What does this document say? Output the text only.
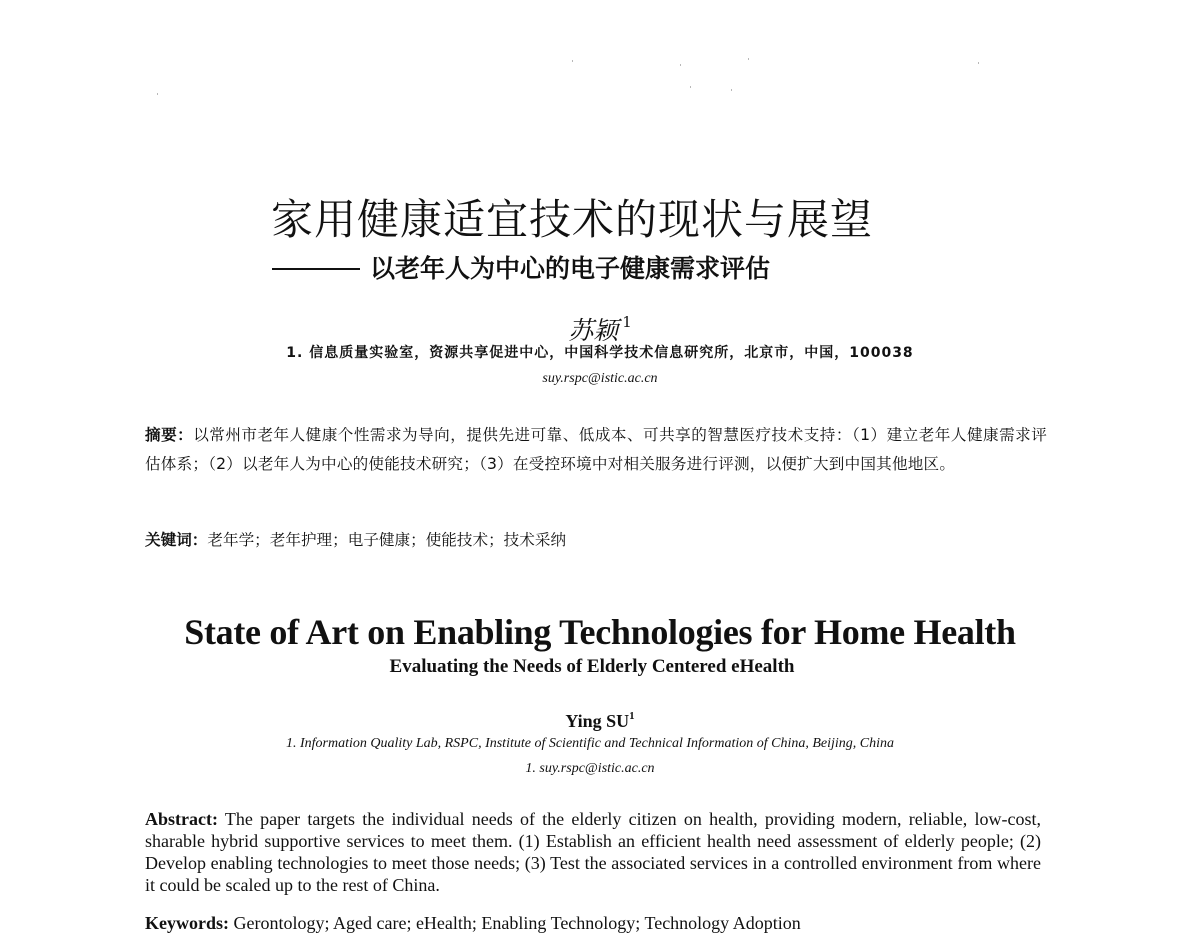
家用健康适宜技术的现状与展望
以老年人为中心的电子健康需求评估
苏颖 $^1$
1. 信息质量实验室，资源共享促进中心，中国科学技术信息研究所，北京市，中国，100038
suy.rspc@istic.ac.cn
摘要：以常州市老年人健康个性需求为导向，提供先进可靠、低成本、可共享的智慧医疗技术支持：（1）建立老年人健康需求评估体系；（2）以老年人为中心的使能技术研究；（3）在受控环境中对相关服务进行评测，以便扩大到中国其他地区。
关键词：老年学；老年护理；电子健康；使能技术；技术采纳
State of Art on Enabling Technologies for Home Health
Evaluating the Needs of Elderly Centered eHealth
Ying $SU^1$
1. Information Quality Lab, RSPC, Institute of Scientific and Technical Information of China, Beijing, China
1. suy.rspc@istic.ac.cn
Abstract: The paper targets the individual needs of the elderly citizen on health, providing modern, reliable, low-cost, sharable hybrid supportive services to meet them. (1) Establish an efficient health need assessment of elderly people; (2) Develop enabling technologies to meet those needs; (3) Test the associated services in a controlled environment from where it could be scaled up to the rest of China.
Keywords: Gerontology; Aged care; eHealth; Enabling Technology; Technology Adoption
